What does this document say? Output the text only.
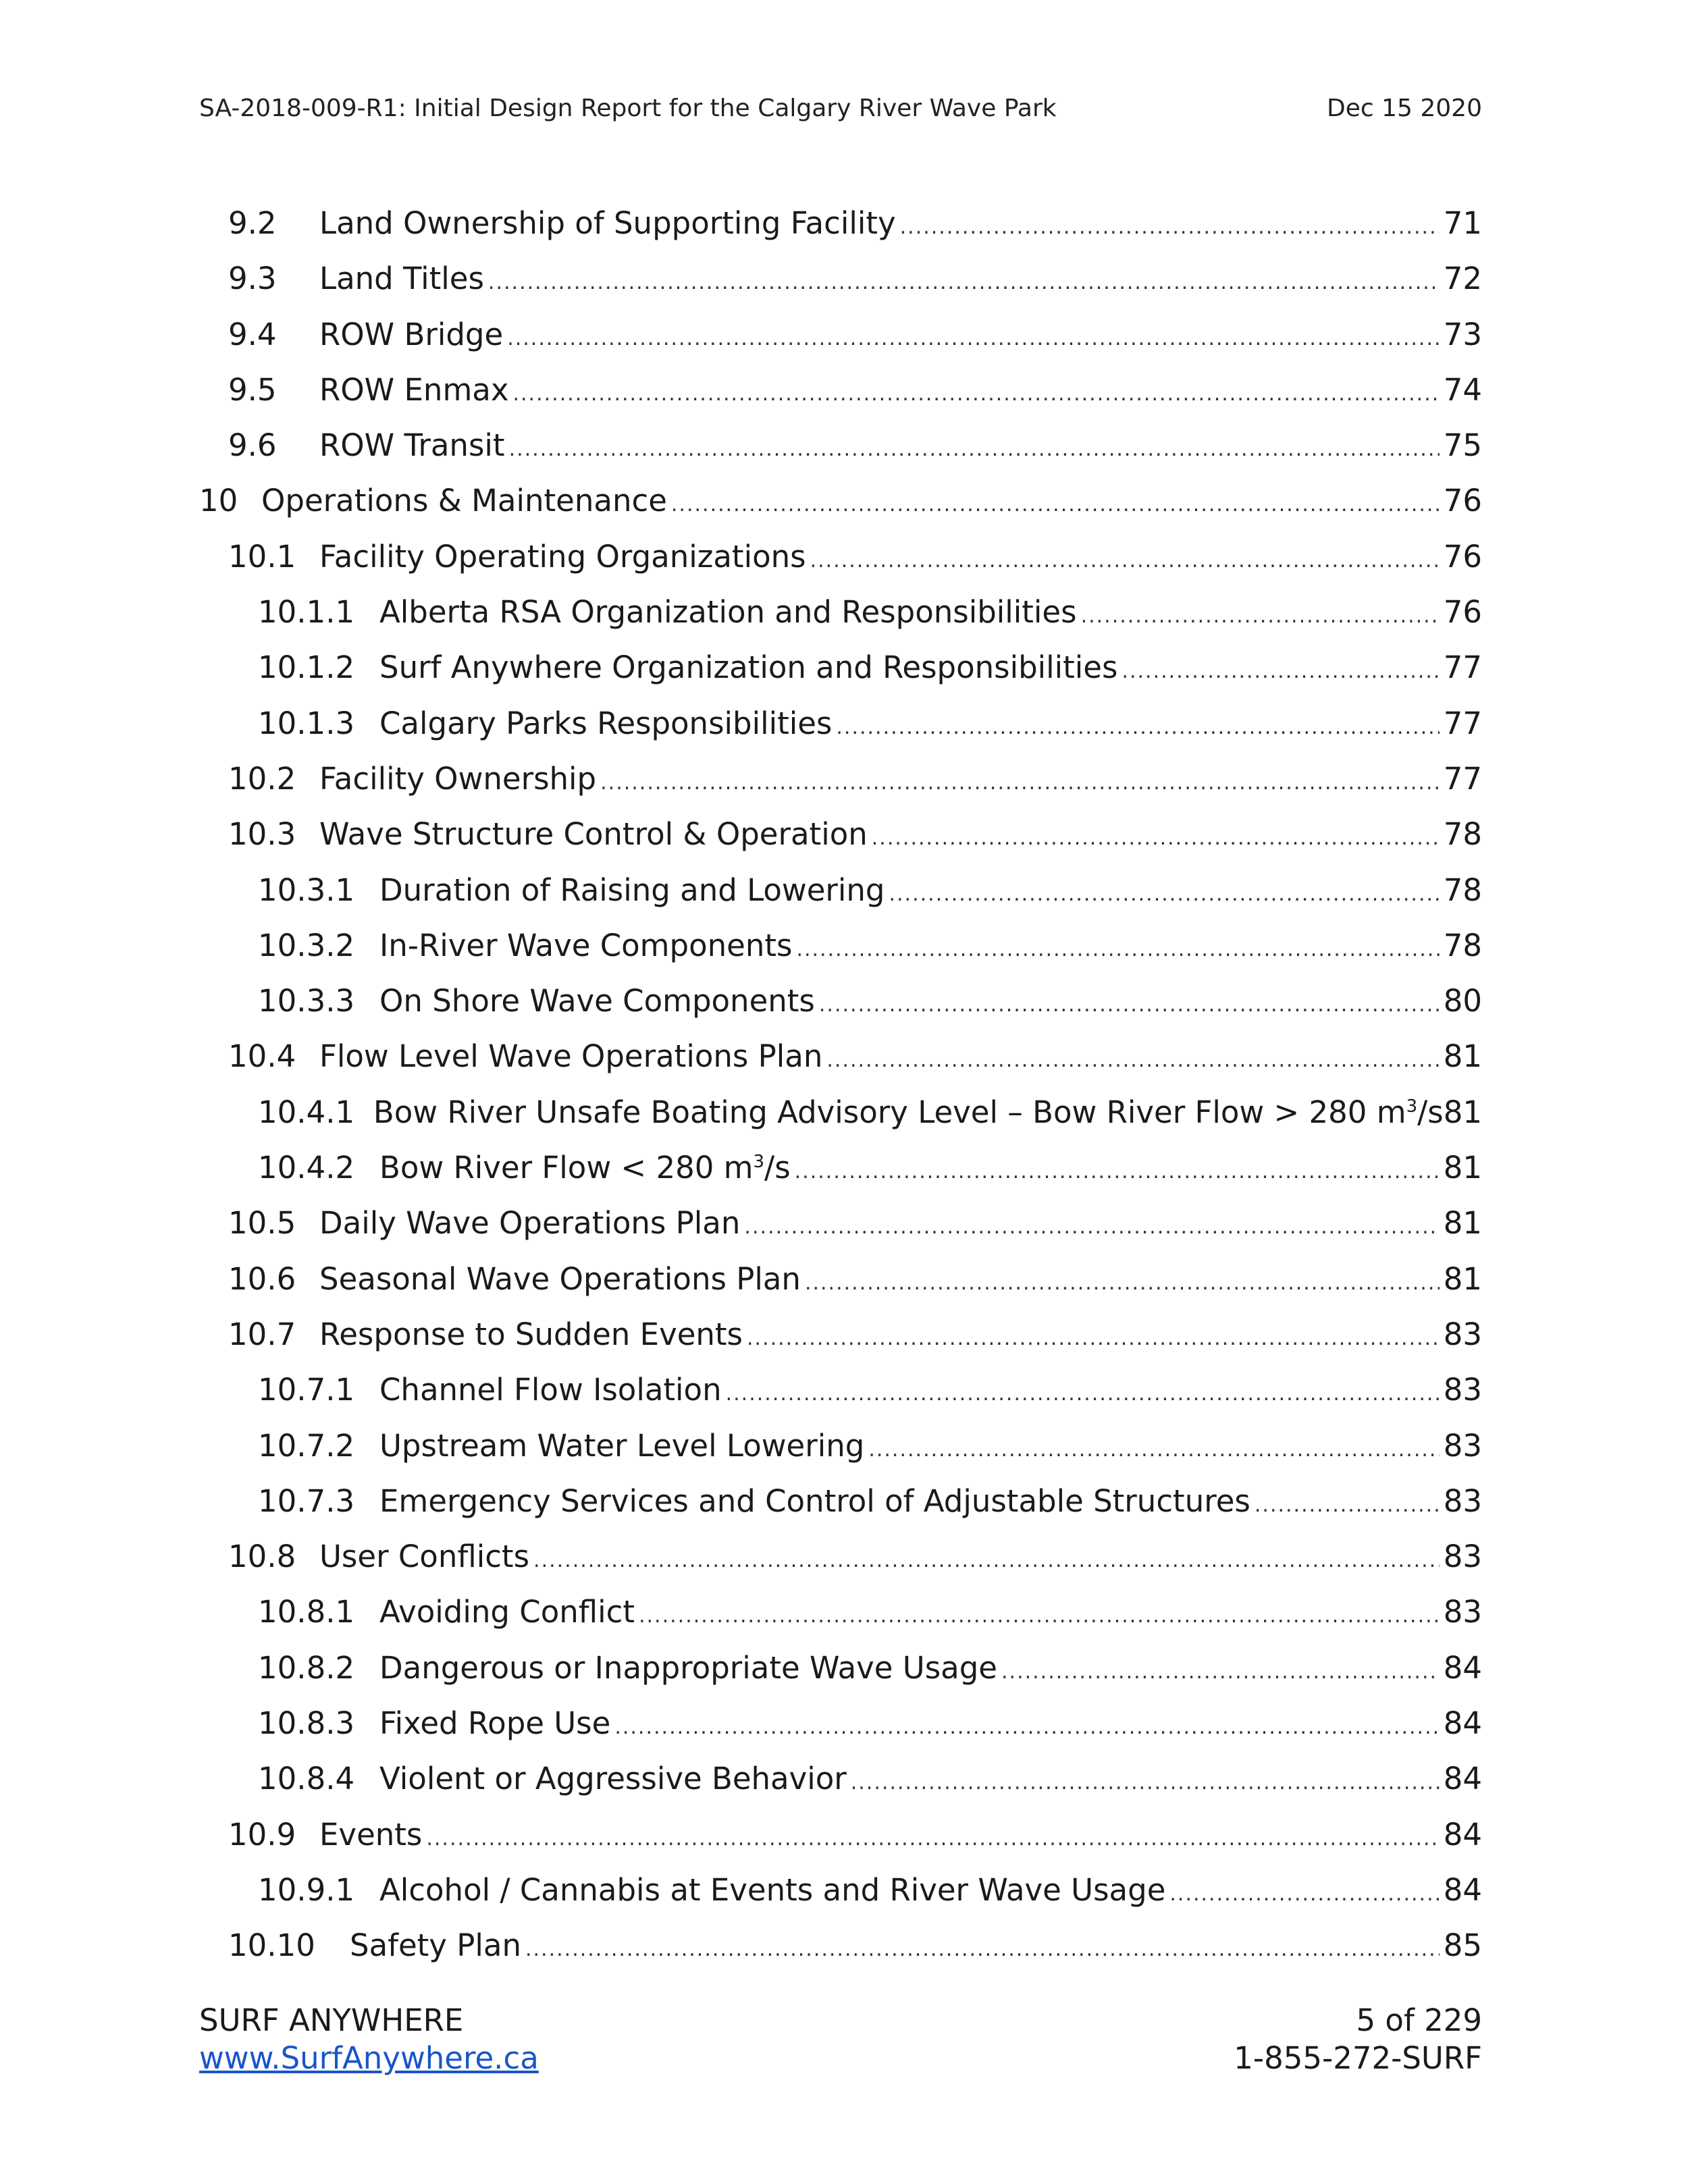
SA-2018-009-R1: Initial Design Report for the Calgary River Wave Park	Dec 15 2020
9.2	Land Ownership of Supporting Facility .....	71
9.3	Land Titles .....	72
9.4	ROW Bridge .....	73
9.5	ROW Enmax .....	74
9.6	ROW Transit .....	75
10 Operations & Maintenance .....	76
10.1 Facility Operating Organizations .....	76
10.1.1 Alberta RSA Organization and Responsibilities .....	76
10.1.2 Surf Anywhere Organization and Responsibilities .....	77
10.1.3 Calgary Parks Responsibilities .....	77
10.2 Facility Ownership .....	77
10.3 Wave Structure Control & Operation .....	78
10.3.1 Duration of Raising and Lowering .....	78
10.3.2 In-River Wave Components .....	78
10.3.3 On Shore Wave Components .....	80
10.4 Flow Level Wave Operations Plan .....	81
10.4.1 Bow River Unsafe Boating Advisory Level – Bow River Flow > 280 $m^3/s$ 81
10.4.2 Bow River Flow < 280 $m^3/s$ .....	81
10.5 Daily Wave Operations Plan .....	81
10.6 Seasonal Wave Operations Plan .....	81
10.7 Response to Sudden Events .....	83
10.7.1 Channel Flow Isolation .....	83
10.7.2 Upstream Water Level Lowering .....	83
10.7.3 Emergency Services and Control of Adjustable Structures .....	83
10.8 User Conflicts .....	83
10.8.1 Avoiding Conflict .....	83
10.8.2 Dangerous or Inappropriate Wave Usage .....	84
10.8.3 Fixed Rope Use .....	84
10.8.4 Violent or Aggressive Behavior .....	84
10.9 Events .....	84
10.9.1 Alcohol / Cannabis at Events and River Wave Usage .....	84
10.10	Safety Plan .....	85
SURF ANYWHERE
www.SurfAnywhere.ca
5 of 229
1-855-272-SURF
